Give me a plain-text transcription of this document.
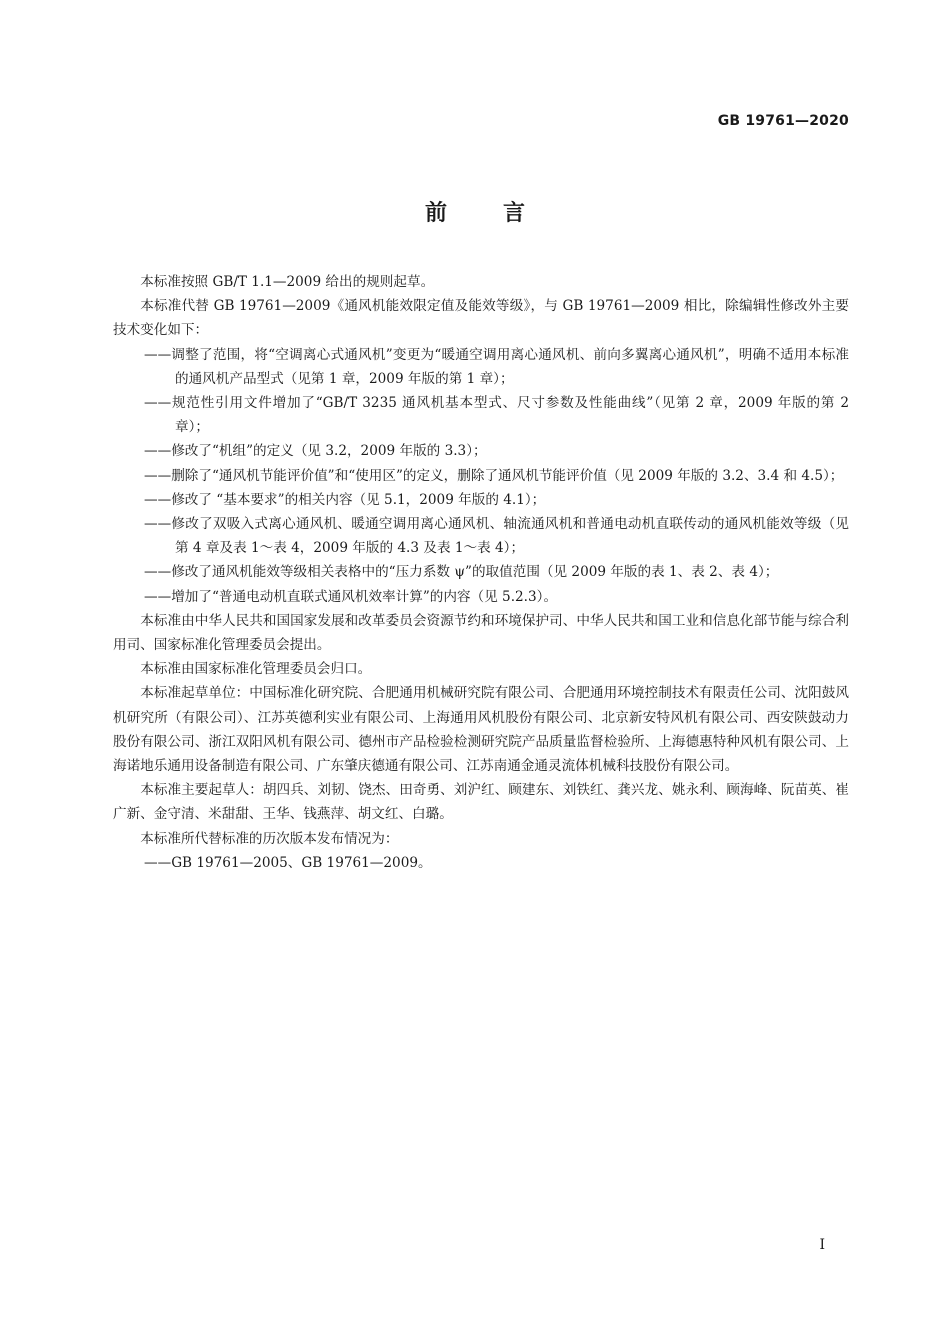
GB 19761—2020
前言

本标准按照 GB/T 1.1—2009 给出的规则起草。

本标准代替 GB 19761—2009《通风机能效限定值及能效等级》，与 GB 19761—2009 相比，除编辑性修改外主要技术变化如下：

——调整了范围，将“空调离心式通风机”变更为“暖通空调用离心通风机、前向多翼离心通风机”，明确不适用本标准的通风机产品型式（见第 1 章，2009 年版的第 1 章）；

——规范性引用文件增加了“GB/T 3235 通风机基本型式、尺寸参数及性能曲线”（见第 2 章，2009 年版的第 2 章）；

——修改了“机组”的定义（见 3.2，2009 年版的 3.3）；

——删除了“通风机节能评价值”和“使用区”的定义，删除了通风机节能评价值（见 2009 年版的 3.2、3.4 和 4.5）；

——修改了 “基本要求”的相关内容（见 5.1，2009 年版的 4.1）；

——修改了双吸入式离心通风机、暖通空调用离心通风机、轴流通风机和普通电动机直联传动的通风机能效等级（见第 4 章及表 1～表 4，2009 年版的 4.3 及表 1～表 4）；

——修改了通风机能效等级相关表格中的“压力系数 ψ”的取值范围（见 2009 年版的表 1、表 2、表 4）；

——增加了“普通电动机直联式通风机效率计算”的内容（见 5.2.3）。

本标准由中华人民共和国国家发展和改革委员会资源节约和环境保护司、中华人民共和国工业和信息化部节能与综合利用司、国家标准化管理委员会提出。

本标准由国家标准化管理委员会归口。

本标准起草单位：中国标准化研究院、合肥通用机械研究院有限公司、合肥通用环境控制技术有限责任公司、沈阳鼓风机研究所（有限公司）、江苏英德利实业有限公司、上海通用风机股份有限公司、北京新安特风机有限公司、西安陕鼓动力股份有限公司、浙江双阳风机有限公司、德州市产品检验检测研究院产品质量监督检验所、上海德惠特种风机有限公司、上海诺地乐通用设备制造有限公司、广东肇庆德通有限公司、江苏南通金通灵流体机械科技股份有限公司。

本标准主要起草人：胡四兵、刘韧、饶杰、田奇勇、刘沪红、顾建东、刘铁红、龚兴龙、姚永利、顾海峰、阮苗英、崔广新、金守清、米甜甜、王华、钱燕萍、胡文红、白璐。

本标准所代替标准的历次版本发布情况为：

——GB 19761—2005、GB 19761—2009。

I
